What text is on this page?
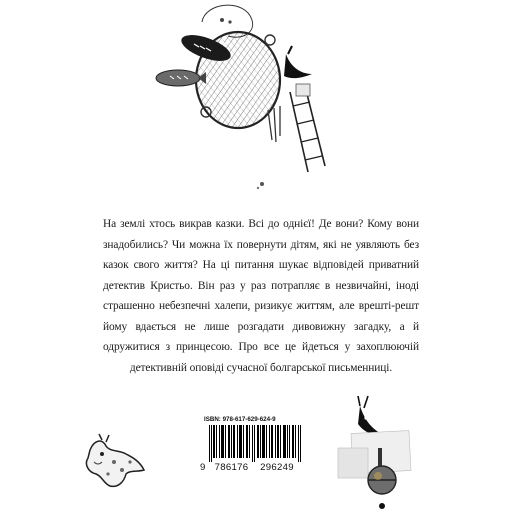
На землі хтось викрав казки. Всі до однієї! Де вони? Кому вони знадобились? Чи можна їх повернути дітям, які не уявляють без казок свого життя? На ці питання шукає відповідей приватний детектив Кристьо. Він раз у раз потрапляє в незвичайні, іноді страшенно небезпечні халепи, ризикує життям, але врешті-решт йому вдається не лише розгадати дивовижну загадку, а й одружитися з принцесою. Про все це йдеться у захоплюючій детективній оповіді сучасної болгарської письменниці.

ISBN: 978-617-629-624-9
9 786176 296249
